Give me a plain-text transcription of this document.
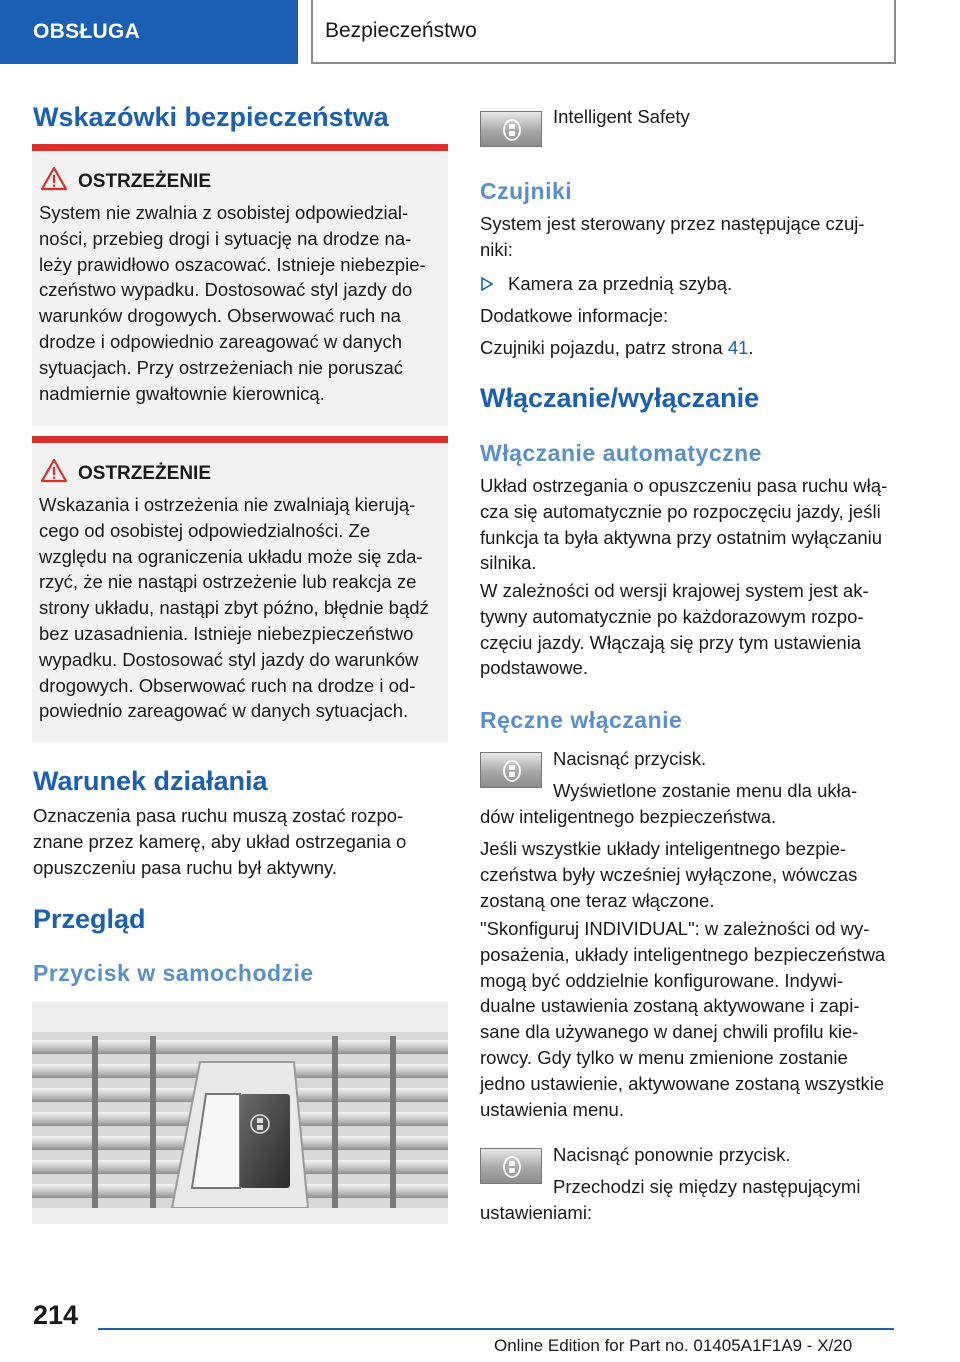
OBSŁUGA	Bezpieczeństwo
Wskazówki bezpieczeństwa
OSTRZEŻENIE
System nie zwalnia z osobistej odpowiedzial-
ności, przebieg drogi i sytuację na drodze na-
leży prawidłowo oszacować. Istnieje niebezpie-
czeństwo wypadku. Dostosować styl jazdy do
warunków drogowych. Obserwować ruch na
drodze i odpowiednio zareagować w danych
sytuacjach. Przy ostrzeżeniach nie poruszać
nadmiernie gwałtownie kierownicą.
OSTRZEŻENIE
Wskazania i ostrzeżenia nie zwalniają kierują-
cego od osobistej odpowiedzialności. Ze
względu na ograniczenia układu może się zda-
rzyć, że nie nastąpi ostrzeżenie lub reakcja ze
strony układu, nastąpi zbyt późno, błędnie bądź
bez uzasadnienia. Istnieje niebezpieczeństwo
wypadku. Dostosować styl jazdy do warunków
drogowych. Obserwować ruch na drodze i od-
powiednio zareagować w danych sytuacjach.
Warunek działania
Oznaczenia pasa ruchu muszą zostać rozpo-
znane przez kamerę, aby układ ostrzegania o
opuszczeniu pasa ruchu był aktywny.
Przegląd
Przycisk w samochodzie
Intelligent Safety
Czujniki
System jest sterowany przez następujące czuj-
niki:
Kamera za przednią szybą.
Dodatkowe informacje:
Czujniki pojazdu, patrz strona 41.
Włączanie/wyłączanie
Włączanie automatyczne
Układ ostrzegania o opuszczeniu pasa ruchu włą-
cza się automatycznie po rozpoczęciu jazdy, jeśli
funkcja ta była aktywna przy ostatnim wyłączaniu
silnika.
W zależności od wersji krajowej system jest ak-
tywny automatycznie po każdorazowym rozpo-
częciu jazdy. Włączają się przy tym ustawienia
podstawowe.
Ręczne włączanie
Nacisnąć przycisk.
Wyświetlone zostanie menu dla ukła-
dów inteligentnego bezpieczeństwa.
Jeśli wszystkie układy inteligentnego bezpie-
czeństwa były wcześniej wyłączone, wówczas
zostaną one teraz włączone.
"Skonfiguruj INDIVIDUAL": w zależności od wy-
posażenia, układy inteligentnego bezpieczeństwa
mogą być oddzielnie konfigurowane. Indywi-
dualne ustawienia zostaną aktywowane i zapi-
sane dla używanego w danej chwili profilu kie-
rowcy. Gdy tylko w menu zmienione zostanie
jedno ustawienie, aktywowane zostaną wszystkie
ustawienia menu.
Nacisnąć ponownie przycisk.
Przechodzi się między następującymi
ustawieniami:
214
Online Edition for Part no. 01405A1F1A9 - X/20
